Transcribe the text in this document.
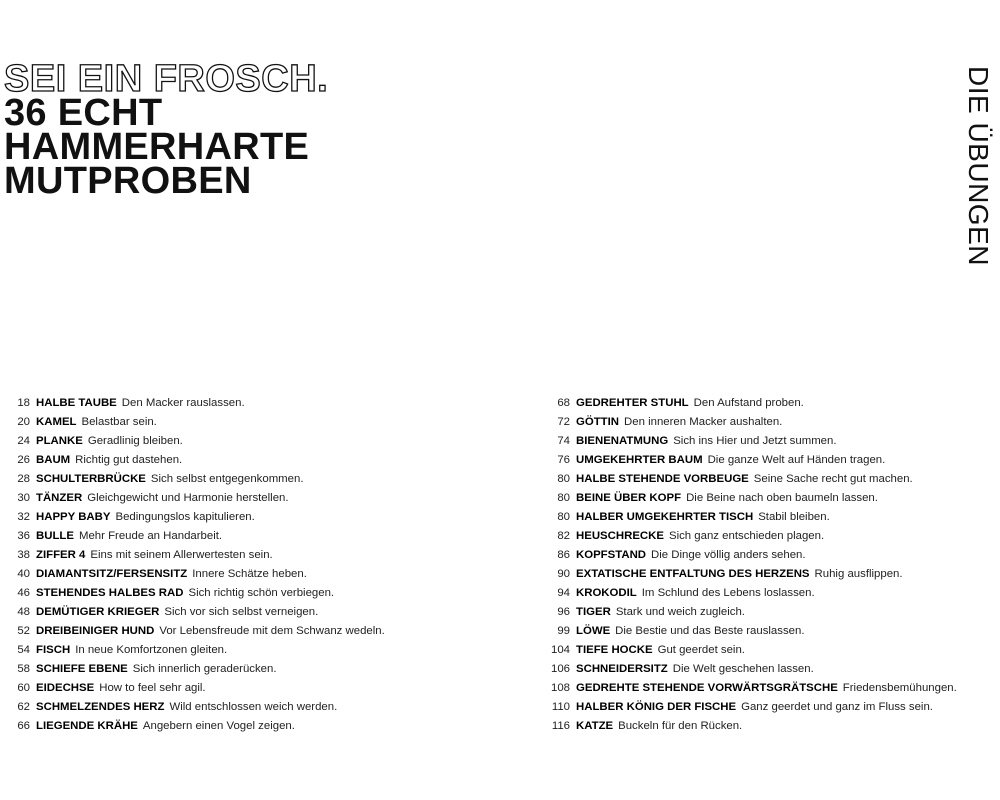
SEI EIN FROSCH.
36 ECHT
HAMMERHARTE
MUTPROBEN	DIE ÜBUNGEN
18 HALBE TAUBE Den Macker rauslassen.
20 KAMEL Belastbar sein.
24 PLANKE Geradlinig bleiben.
26 BAUM Richtig gut dastehen.
28 SCHULTERBRÜCKE Sich selbst entgegenkommen.
30 TÄNZER Gleichgewicht und Harmonie herstellen.
32 HAPPY BABY Bedingungslos kapitulieren.
36 BULLE Mehr Freude an Handarbeit.
38 ZIFFER 4 Eins mit seinem Allerwertesten sein.
40 DIAMANTSITZ/FERSENSITZ Innere Schätze heben.
46 STEHENDES HALBES RAD Sich richtig schön verbiegen.
48 DEMÜTIGER KRIEGER Sich vor sich selbst verneigen.
52 DREIBEINIGER HUND Vor Lebensfreude mit dem Schwanz wedeln.
54 FISCH In neue Komfortzonen gleiten.
58 SCHIEFE EBENE Sich innerlich geraderücken.
60 EIDECHSE How to feel sehr agil.
62 SCHMELZENDES HERZ Wild entschlossen weich werden.
66 LIEGENDE KRÄHE Angebern einen Vogel zeigen.
68 GEDREHTER STUHL Den Aufstand proben.
72 GÖTTIN Den inneren Macker aushalten.
74 BIENENATMUNG Sich ins Hier und Jetzt summen.
76 UMGEKEHRTER BAUM Die ganze Welt auf Händen tragen.
80 HALBE STEHENDE VORBEUGE Seine Sache recht gut machen.
80 BEINE ÜBER KOPF Die Beine nach oben baumeln lassen.
80 HALBER UMGEKEHRTER TISCH Stabil bleiben.
82 HEUSCHRECKE Sich ganz entschieden plagen.
86 KOPFSTAND Die Dinge völlig anders sehen.
90 EXTATISCHE ENTFALTUNG DES HERZENS Ruhig ausflippen.
94 KROKODIL Im Schlund des Lebens loslassen.
96 TIGER Stark und weich zugleich.
99 LÖWE Die Bestie und das Beste rauslassen.
104 TIEFE HOCKE Gut geerdet sein.
106 SCHNEIDERSITZ Die Welt geschehen lassen.
108 GEDREHTE STEHENDE VORWÄRTSGRÄTSCHE Friedensbemühungen.
110 HALBER KÖNIG DER FISCHE Ganz geerdet und ganz im Fluss sein.
116 KATZE Buckeln für den Rücken.
